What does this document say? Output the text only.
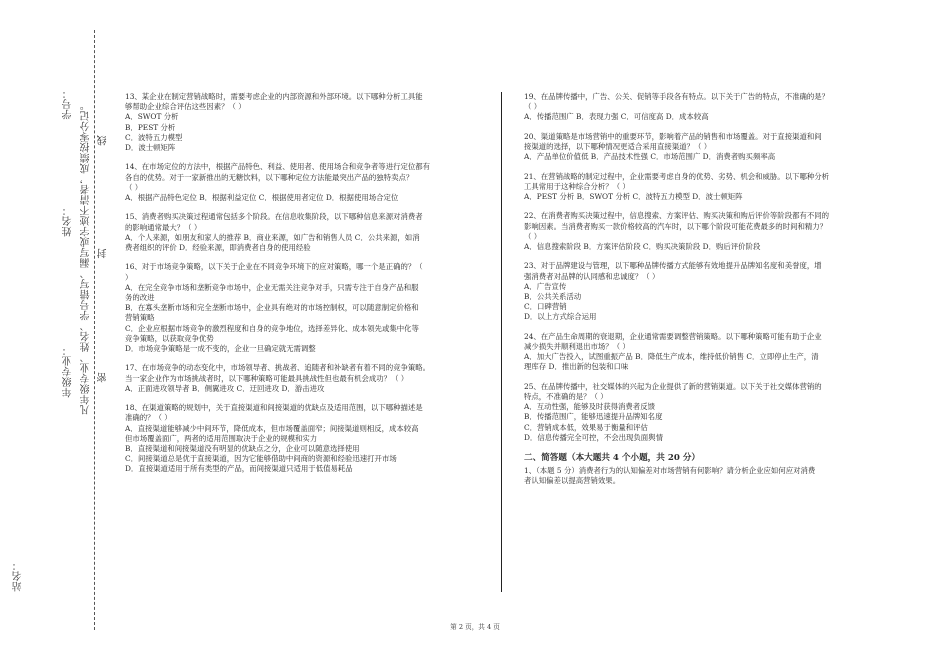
站名：
学号：
姓名：
年级专业： 凡年级专业、姓名、学号错写、漏写或字迹不清者，成绩按零分记。 线
封
密
13、某企业在制定营销战略时，需要考虑企业的内部资源和外部环境。以下哪种分析工具能
够帮助企业综合评估这些因素？（ ）
A．SWOT 分析
B．PEST 分析
C．波特五力模型
D．波士顿矩阵
14、在市场定位的方法中，根据产品特色、利益、使用者、使用场合和竞争者等进行定位都有
各自的优势。对于一家新推出的无糖饮料，以下哪种定位方法能最突出产品的独特卖点？
（ ）
A．根据产品特色定位 B．根据利益定位 C．根据使用者定位 D．根据使用场合定位
15、消费者购买决策过程通常包括多个阶段。在信息收集阶段，以下哪种信息来源对消费者
的影响通常最大？（ ）
A．个人来源，如朋友和家人的推荐 B．商业来源，如广告和销售人员 C．公共来源，如消
费者组织的评价 D．经验来源，即消费者自身的使用经验
16、对于市场竞争策略，以下关于企业在不同竞争环境下的应对策略，哪一个是正确的？（
）
A．在完全竞争市场和垄断竞争市场中，企业无需关注竞争对手，只需专注于自身产品和服
务的改进
B．在寡头垄断市场和完全垄断市场中，企业具有绝对的市场控制权，可以随意制定价格和
营销策略
C．企业应根据市场竞争的激烈程度和自身的竞争地位，选择差异化、成本领先或集中化等
竞争策略，以获取竞争优势
D．市场竞争策略是一成不变的，企业一旦确定就无需调整
17、在市场竞争的动态变化中，市场领导者、挑战者、追随者和补缺者有着不同的竞争策略。
当一家企业作为市场挑战者时，以下哪种策略可能最具挑战性但也最有机会成功？（ ）
A．正面进攻领导者 B．侧翼进攻 C．迂回进攻 D．游击进攻
18、在渠道策略的规划中，关于直接渠道和间接渠道的优缺点及适用范围，以下哪种描述是
准确的？（ ）
A．直接渠道能够减少中间环节，降低成本，但市场覆盖面窄；间接渠道则相反，成本较高
但市场覆盖面广，两者的适用范围取决于企业的规模和实力
B．直接渠道和间接渠道没有明显的优缺点之分，企业可以随意选择使用
C．间接渠道总是优于直接渠道，因为它能够借助中间商的资源和经验迅速打开市场
D．直接渠道适用于所有类型的产品，而间接渠道只适用于低值易耗品
19、在品牌传播中，广告、公关、促销等手段各有特点。以下关于广告的特点，不准确的是？
（ ）
A．传播范围广 B．表现力强 C．可信度高 D．成本较高
20、渠道策略是市场营销中的重要环节，影响着产品的销售和市场覆盖。对于直接渠道和间
接渠道的选择，以下哪种情况更适合采用直接渠道？（ ）
A．产品单位价值低 B．产品技术性强 C．市场范围广 D．消费者购买频率高
21、在营销战略的制定过程中，企业需要考虑自身的优势、劣势、机会和威胁。以下哪种分析
工具常用于这种综合分析？（ ）
A．PEST 分析 B．SWOT 分析 C．波特五力模型 D．波士顿矩阵
22、在消费者购买决策过程中，信息搜索、方案评估、购买决策和购后评价等阶段都有不同的
影响因素。当消费者购买一款价格较高的汽车时，以下哪个阶段可能花费最多的时间和精力？
（ ）
A．信息搜索阶段 B．方案评估阶段 C．购买决策阶段 D．购后评价阶段
23、对于品牌建设与管理，以下哪种品牌传播方式能够有效地提升品牌知名度和美誉度，增
强消费者对品牌的认同感和忠诚度？（ ）
A．广告宣传
B．公共关系活动
C．口碑营销
D．以上方式综合运用
24、在产品生命周期的衰退期，企业通常需要调整营销策略。以下哪种策略可能有助于企业
减少损失并顺利退出市场？（ ）
A．加大广告投入，试图重振产品 B．降低生产成本，维持低价销售 C．立即停止生产，清
理库存 D．推出新的包装和口味
25、在品牌传播中，社交媒体的兴起为企业提供了新的营销渠道。以下关于社交媒体营销的
特点，不准确的是？（ ）
A．互动性强，能够及时获得消费者反馈
B．传播范围广，能够迅速提升品牌知名度
C．营销成本低，效果易于衡量和评估
D．信息传播完全可控，不会出现负面舆情
二、简答题（本大题共 4 个小题，共 20 分）
1、（本题 5 分）消费者行为的认知偏差对市场营销有何影响？请分析企业应如何应对消费
者认知偏差以提高营销效果。
第 2 页，共 4 页
